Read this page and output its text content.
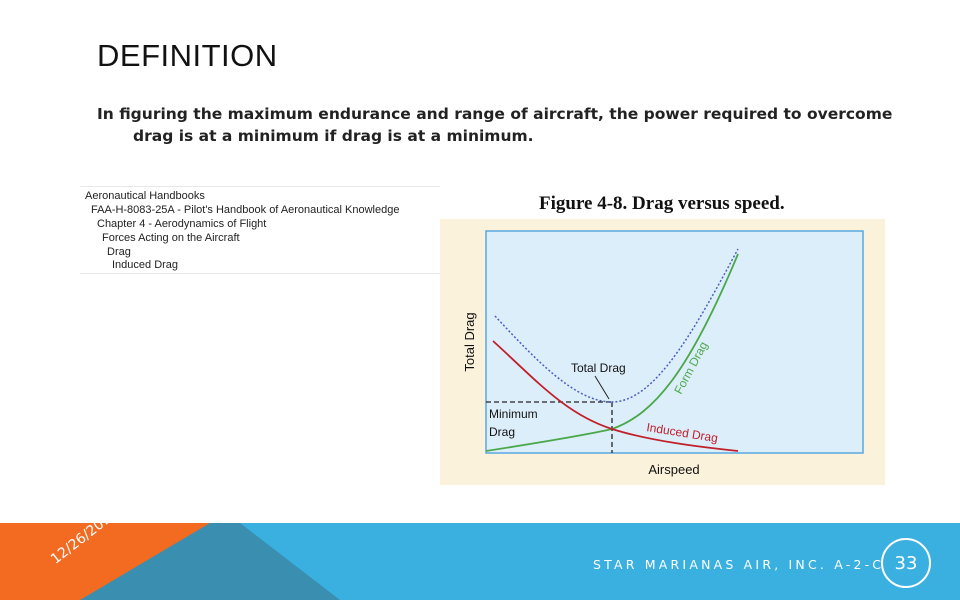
DEFINITION
In figuring the maximum endurance and range of aircraft, the power required to overcome drag is at a minimum if drag is at a minimum.
Aeronautical Handbooks
FAA-H-8083-25A - Pilot's Handbook of Aeronautical Knowledge
Chapter 4 - Aerodynamics of Flight
Forces Acting on the Aircraft
Drag
Induced Drag
Figure 4-8. Drag versus speed.
Total Drag
Airspeed
Minimum
Drag
Total Drag	Form Drag
Induced Drag
12/26/2010	STAR MARIANAS AIR, INC. A-2-C 33
